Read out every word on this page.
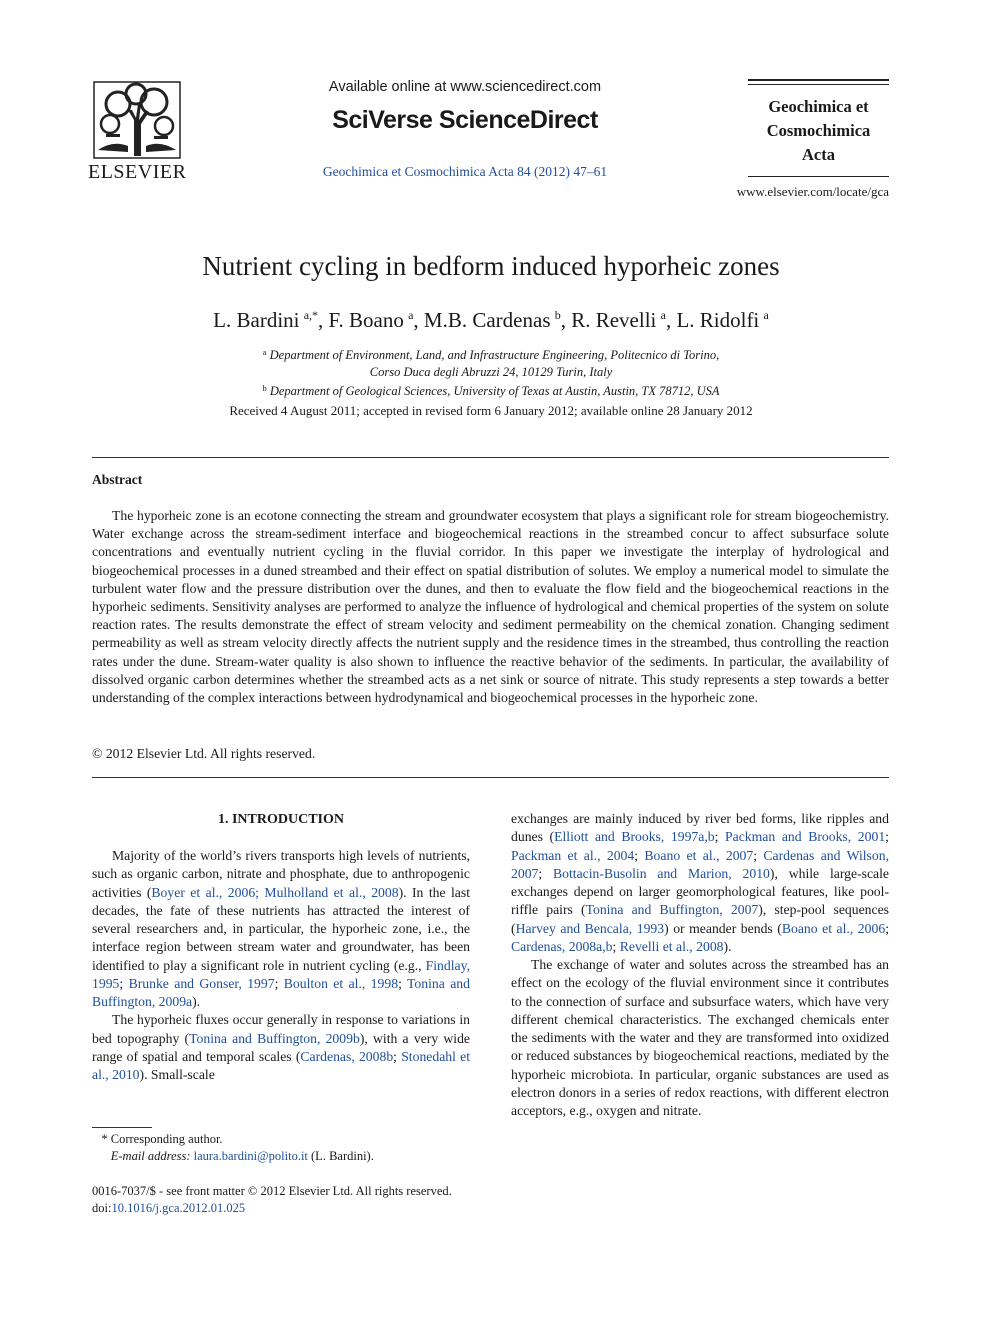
ELSEVIER
Available online at www.sciencedirect.com
SciVerse ScienceDirect
Geochimica et Cosmochimica Acta 84 (2012) 47–61
Geochimica et
Cosmochimica
Acta
www.elsevier.com/locate/gca
Nutrient cycling in bedform induced hyporheic zones
L. Bardini  $^{a,*}$, F. Boano  $^a$, M.B. Cardenas  $^b$, R. Revelli  $^a$, L. Ridolfi  $^a$
$^a$ Department of Environment, Land, and Infrastructure Engineering, Politecnico di Torino,
Corso Duca degli Abruzzi 24, 10129 Turin, Italy
$^b$ Department of Geological Sciences, University of Texas at Austin, Austin, TX 78712, USA
Received 4 August 2011; accepted in revised form 6 January 2012; available online 28 January 2012
Abstract
The hyporheic zone is an ecotone connecting the stream and groundwater ecosystem that plays a significant role for stream biogeochemistry. Water exchange across the stream-sediment interface and biogeochemical reactions in the streambed concur to affect subsurface solute concentrations and eventually nutrient cycling in the fluvial corridor. In this paper we investigate the interplay of hydrological and biogeochemical processes in a duned streambed and their effect on spatial distribution of solutes. We employ a numerical model to simulate the turbulent water flow and the pressure distribution over the dunes, and then to evaluate the flow field and the biogeochemical reactions in the hyporheic sediments. Sensitivity analyses are performed to analyze the influence of hydrological and chemical properties of the system on solute reaction rates. The results demonstrate the effect of stream velocity and sediment permeability on the chemical zonation. Changing sediment permeability as well as stream velocity directly affects the nutrient supply and the residence times in the streambed, thus controlling the reaction rates under the dune. Stream-water quality is also shown to influence the reactive behavior of the sediments. In particular, the availability of dissolved organic carbon determines whether the streambed acts as a net sink or source of nitrate. This study represents a step towards a better understanding of the complex interactions between hydrodynamical and biogeochemical processes in the hyporheic zone.
© 2012 Elsevier Ltd. All rights reserved.
1. INTRODUCTION

Majority of the world’s rivers transports high levels of nutrients, such as organic carbon, nitrate and phosphate, due to anthropogenic activities (Boyer et al., 2006; Mulholland et al., 2008). In the last decades, the fate of these nutrients has attracted the interest of several researchers and, in particular, the hyporheic zone, i.e., the interface region between stream water and groundwater, has been identified to play a significant role in nutrient cycling (e.g., Findlay, 1995; Brunke and Gonser, 1997; Boulton et al., 1998; Tonina and Buffington, 2009a).

The hyporheic fluxes occur generally in response to variations in bed topography (Tonina and Buffington, 2009b), with a very wide range of spatial and temporal scales (Cardenas, 2008b; Stonedahl et al., 2010). Small-scale

exchanges are mainly induced by river bed forms, like ripples and dunes (Elliott and Brooks, 1997a,b; Packman and Brooks, 2001; Packman et al., 2004; Boano et al., 2007; Cardenas and Wilson, 2007; Bottacin-Busolin and Marion, 2010), while large-scale exchanges depend on larger geomorphological features, like pool-riffle pairs (Tonina and Buffington, 2007), step-pool sequences (Harvey and Bencala, 1993) or meander bends (Boano et al., 2006; Cardenas, 2008a,b; Revelli et al., 2008).

The exchange of water and solutes across the streambed has an effect on the ecology of the fluvial environment since it contributes to the connection of surface and subsurface waters, which have very different chemical characteristics. The exchanged chemicals enter the sediments with the water and they are transformed into oxidized or reduced substances by biogeochemical reactions, mediated by the hyporheic microbiota. In particular, organic substances are used as electron donors in a series of redox reactions, with different electron acceptors, e.g., oxygen and nitrate.

* Corresponding author.
E-mail address: laura.bardini@polito.it (L. Bardini).
0016-7037/$ - see front matter © 2012 Elsevier Ltd. All rights reserved.
doi:10.1016/j.gca.2012.01.025
